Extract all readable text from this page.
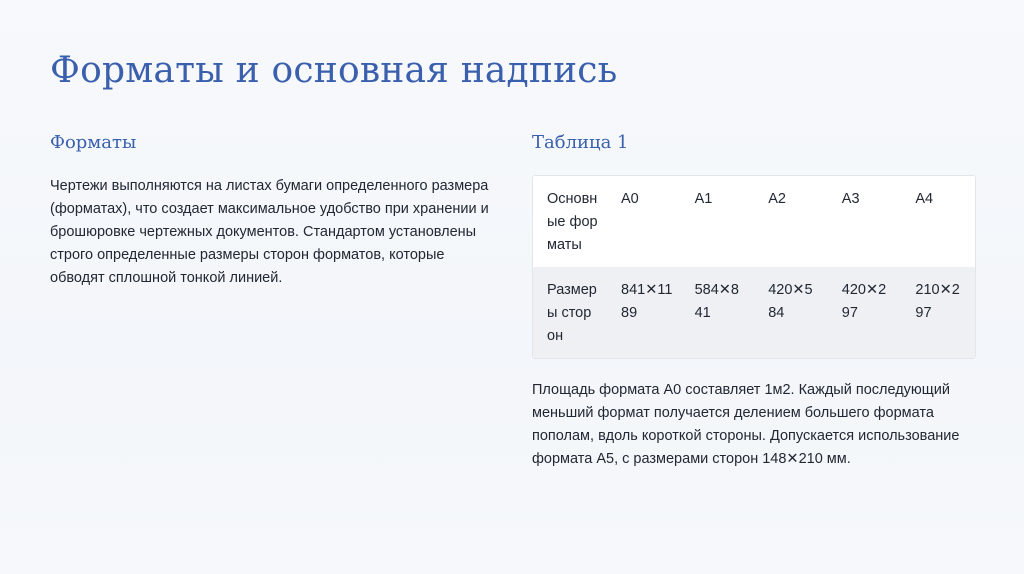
Форматы и основная надпись
Форматы

Чертежи выполняются на листах бумаги определенного размера (форматах), что создает максимальное удобство при хранении и брошюровке чертежных документов. Стандартом установлены строго определенные размеры сторон форматов, которые обводят сплошной тонкой линией.

Таблица 1
Основные форматы	А0	А1	А2	А3	А4
Размеры сторон	841✕1189	584✕841	420✕584	420✕297	210✕297

Площадь формата А0 составляет 1м2. Каждый последующий меньший формат получается делением большего формата пополам, вдоль короткой стороны. Допускается использование формата А5, с размерами сторон 148✕210 мм.
